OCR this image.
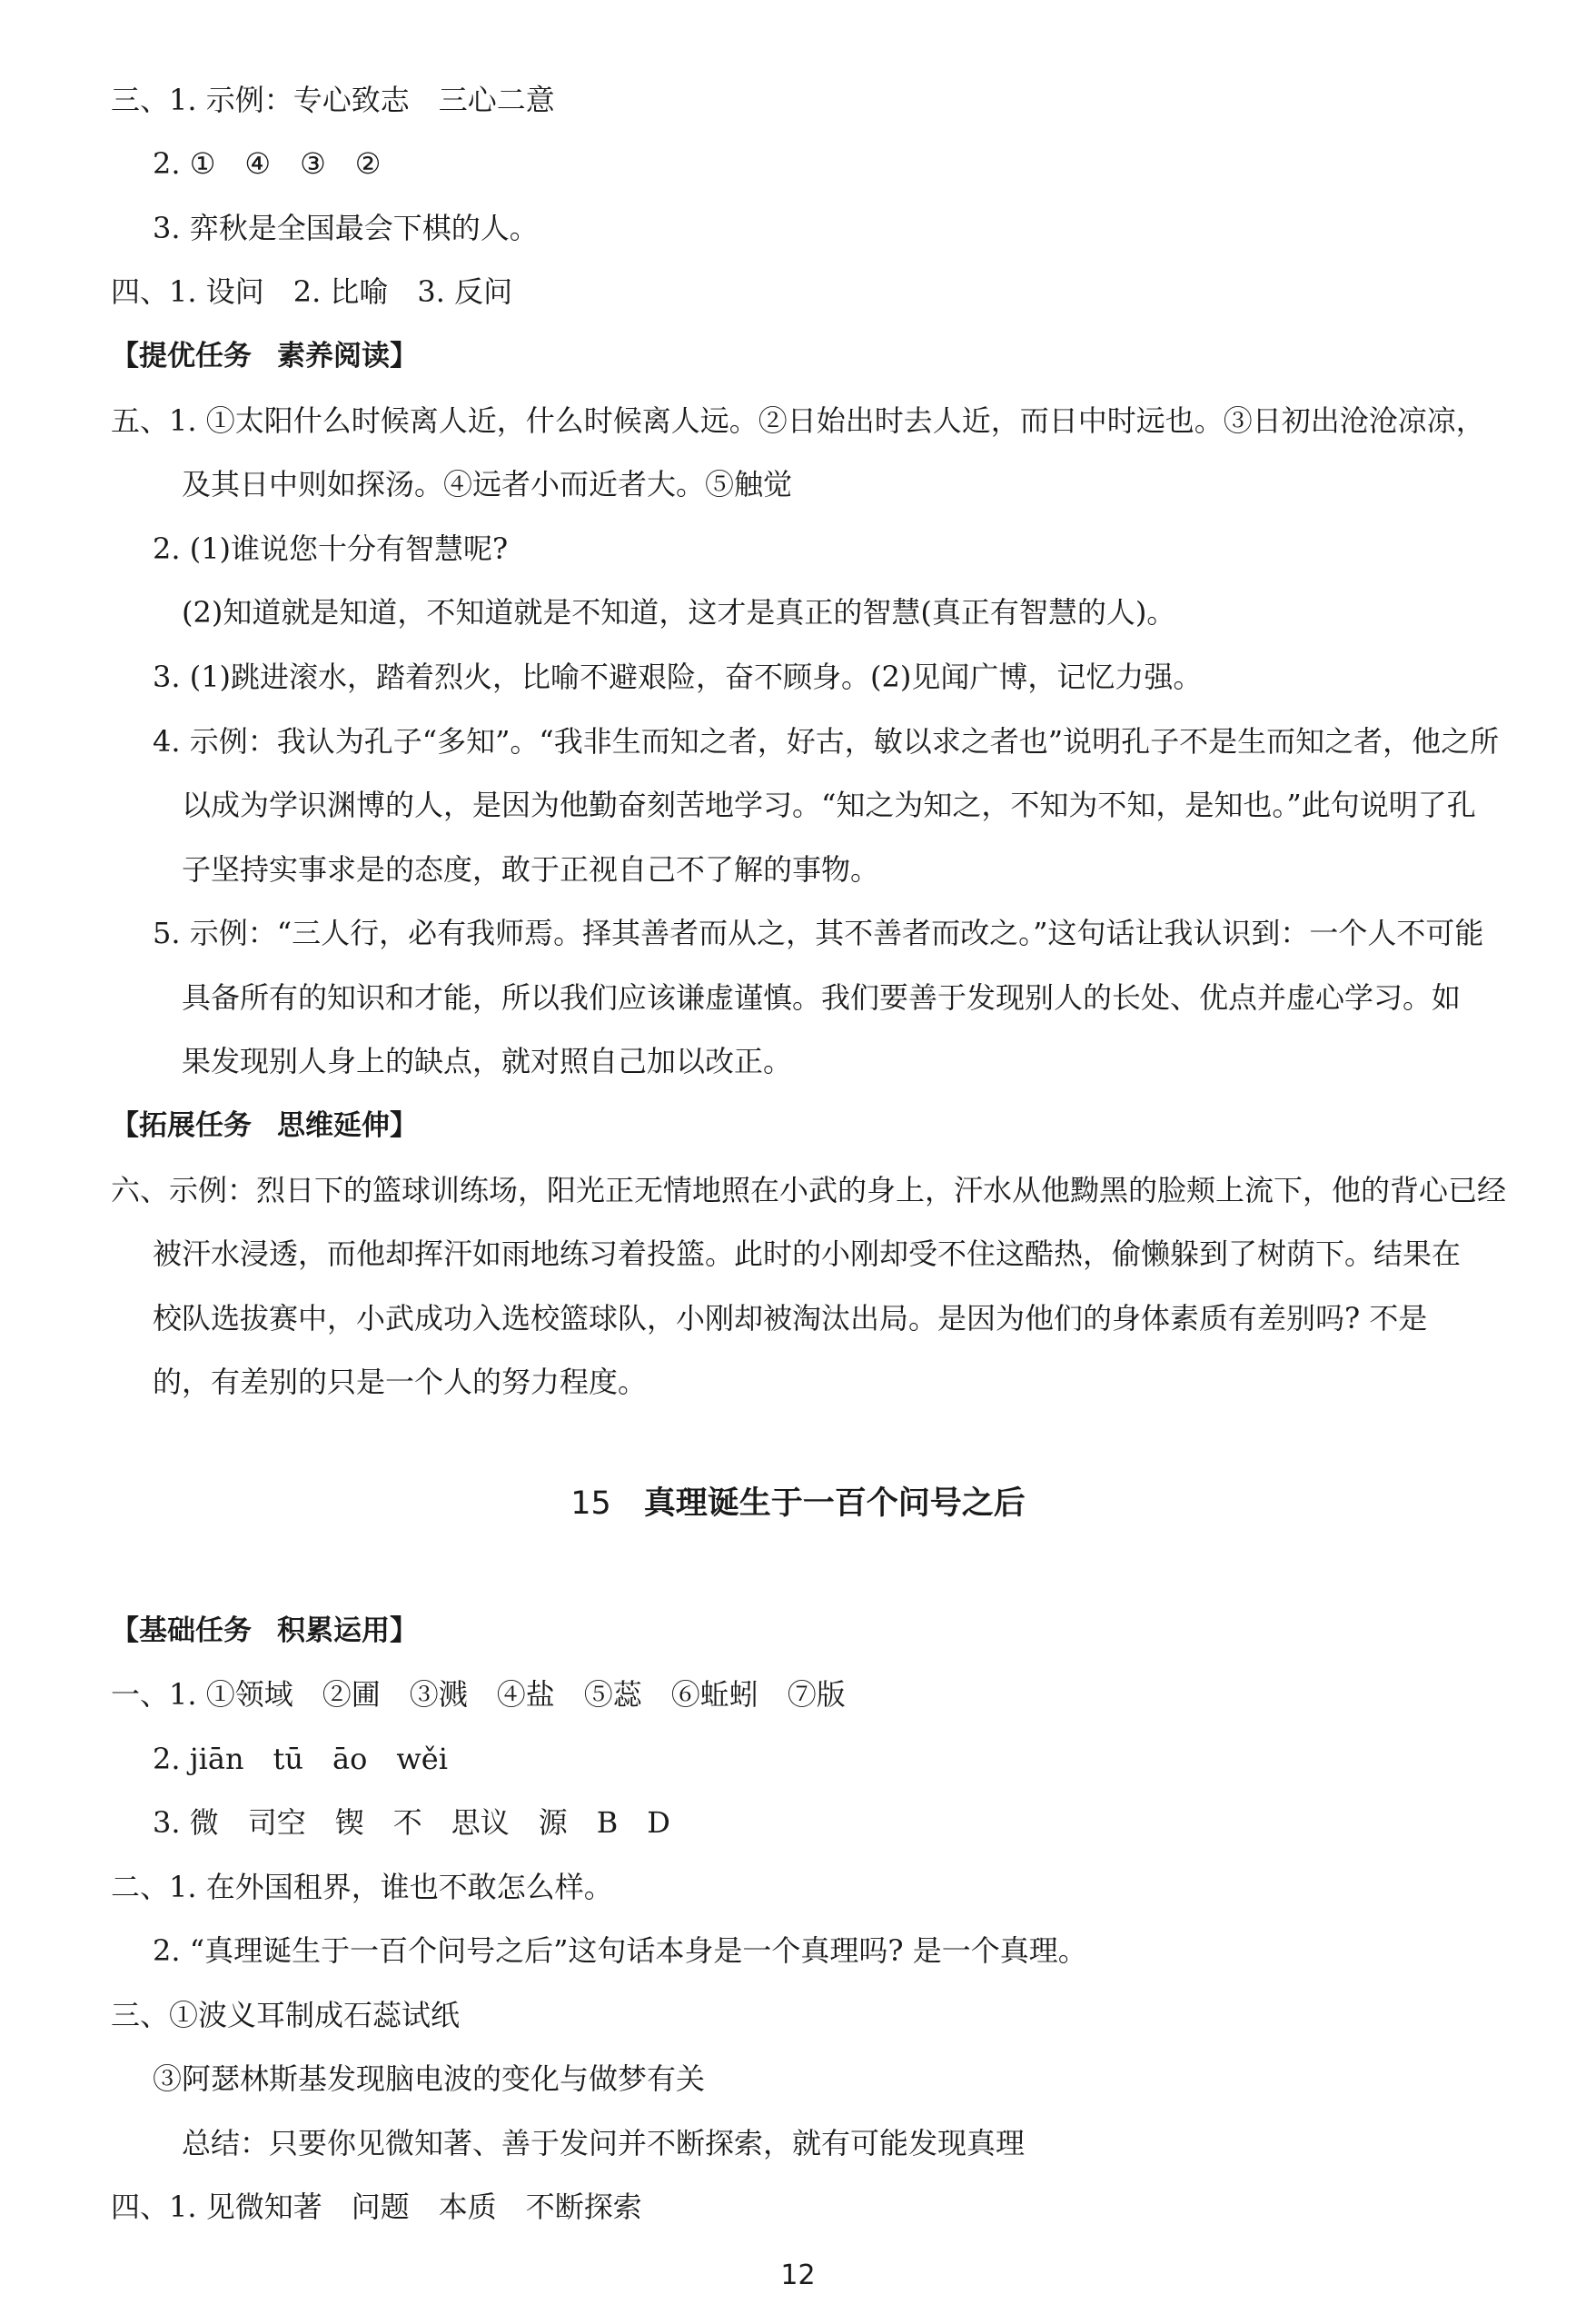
三、1. 示例：专心致志　三心二意
2. ①　④　③　②
3. 弈秋是全国最会下棋的人。
四、1. 设问　2. 比喻　3. 反问
【提优任务 素养阅读】
五、1. ①太阳什么时候离人近，什么时候离人远。②日始出时去人近，而日中时远也。③日初出沧沧凉凉，
及其日中则如探汤。④远者小而近者大。⑤触觉
2. (1)谁说您十分有智慧呢?
(2)知道就是知道，不知道就是不知道，这才是真正的智慧(真正有智慧的人)。
3. (1)跳进滚水，踏着烈火，比喻不避艰险，奋不顾身。(2)见闻广博，记忆力强。
4. 示例：我认为孔子“多知”。“我非生而知之者，好古，敏以求之者也”说明孔子不是生而知之者，他之所
以成为学识渊博的人，是因为他勤奋刻苦地学习。“知之为知之，不知为不知，是知也。”此句说明了孔
子坚持实事求是的态度，敢于正视自己不了解的事物。
5. 示例：“三人行，必有我师焉。择其善者而从之，其不善者而改之。”这句话让我认识到：一个人不可能
具备所有的知识和才能，所以我们应该谦虚谨慎。我们要善于发现别人的长处、优点并虚心学习。如
果发现别人身上的缺点，就对照自己加以改正。
【拓展任务 思维延伸】
六、示例：烈日下的篮球训练场，阳光正无情地照在小武的身上，汗水从他黝黑的脸颊上流下，他的背心已经
被汗水浸透，而他却挥汗如雨地练习着投篮。此时的小刚却受不住这酷热，偷懒躲到了树荫下。结果在
校队选拔赛中，小武成功入选校篮球队，小刚却被淘汰出局。是因为他们的身体素质有差别吗? 不是
的，有差别的只是一个人的努力程度。
15 真理诞生于一百个问号之后
【基础任务 积累运用】
一、1. ①领域　②圃　③溅　④盐　⑤蕊　⑥蚯蚓　⑦版
2. jiān　tū　āo　wěi
3. 微　司空　锲　不　思议　源　B　D
二、1. 在外国租界，谁也不敢怎么样。
2. “真理诞生于一百个问号之后”这句话本身是一个真理吗? 是一个真理。
三、①波义耳制成石蕊试纸
③阿瑟林斯基发现脑电波的变化与做梦有关
总结：只要你见微知著、善于发问并不断探索，就有可能发现真理
四、1. 见微知著　问题　本质　不断探索
12
